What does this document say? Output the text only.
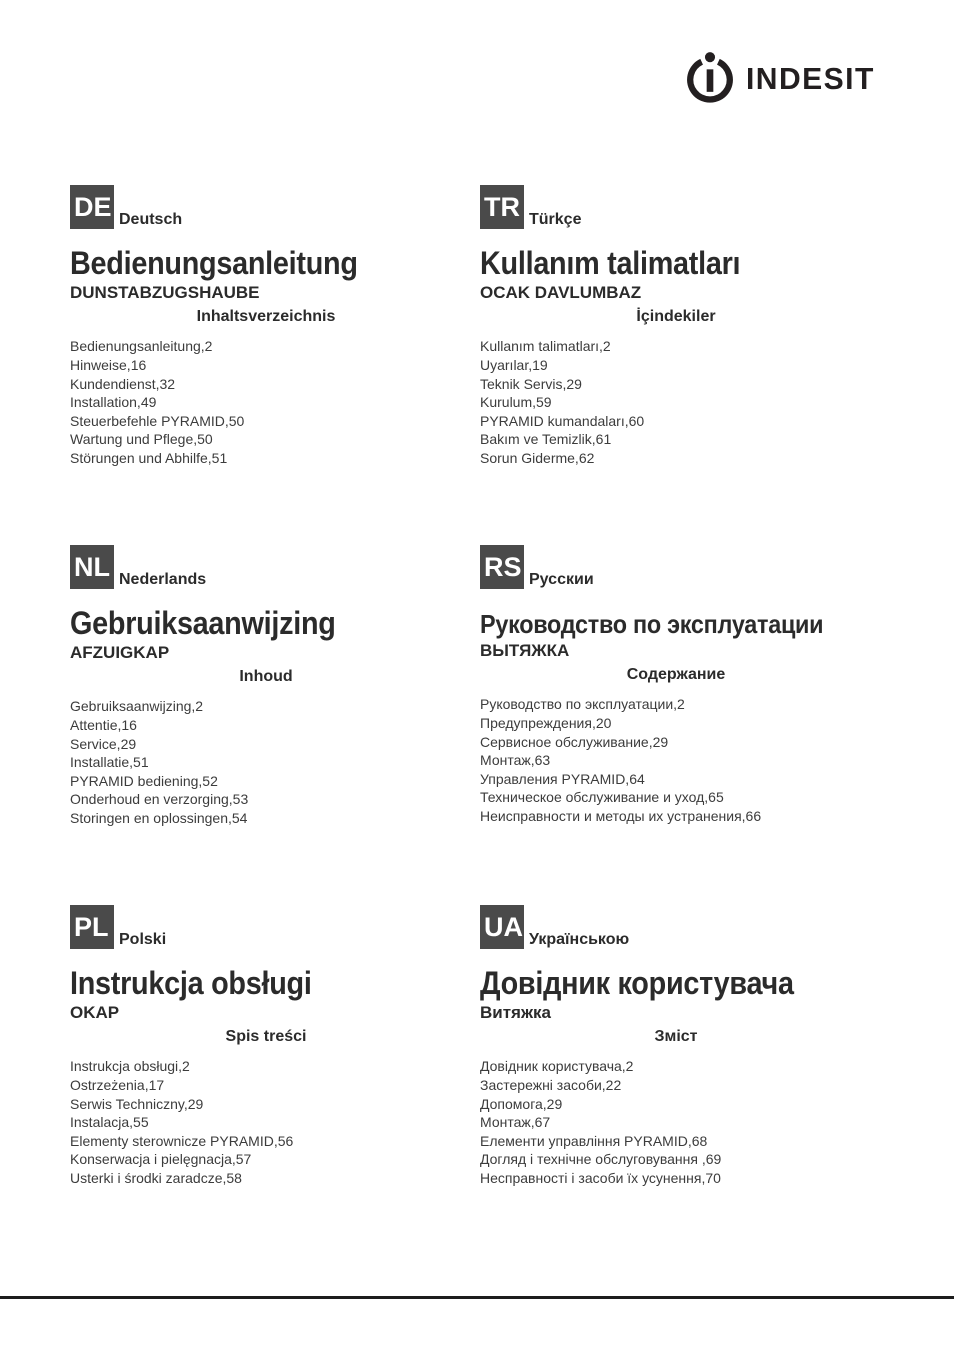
INDESIT
DE Deutsch
Bedienungsanleitung
DUNSTABZUGSHAUBE
Inhaltsverzeichnis
Bedienungsanleitung,2
Hinweise,16
Kundendienst,32
Installation,49
Steuerbefehle PYRAMID,50
Wartung und Pflege,50
Störungen und Abhilfe,51
TR Türkçe
Kullanım talimatları
OCAK DAVLUMBAZ
İçindekiler
Kullanım talimatları,2
Uyarılar,19
Teknik Servis,29
Kurulum,59
PYRAMID kumandaları,60
Bakım ve Temizlik,61
Sorun Giderme,62
NL Nederlands
Gebruiksaanwijzing
AFZUIGKAP
Inhoud
Gebruiksaanwijzing,2
Attentie,16
Service,29
Installatie,51
PYRAMID bediening,52
Onderhoud en verzorging,53
Storingen en oplossingen,54
RS Русскии
Руководство по эксплуатации
ВЫТЯЖКА
Содержание
Руководство по эксплуатации,2
Предупреждения,20
Сервисное обслуживание,29
Монтаж,63
Управления PYRAMID,64
Техническое обслуживание и уход,65
Неисправности и методы их устранения,66
PL Polski
Instrukcja obsługi
OKAP
Spis treści
Instrukcja obsługi,2
Ostrzeżenia,17
Serwis Techniczny,29
Instalacja,55
Elementy sterownicze PYRAMID,56
Konserwacja i pielęgnacja,57
Usterki i środki zaradcze,58
UA Українською
Довідник користувача
Витяжка
Зміст
Довідник користувача,2
Застережні засоби,22
Допомога,29
Монтаж,67
Елементи управління PYRAMID,68
Догляд і технічне обслуговування ,69
Несправності і засоби їх усунення,70
